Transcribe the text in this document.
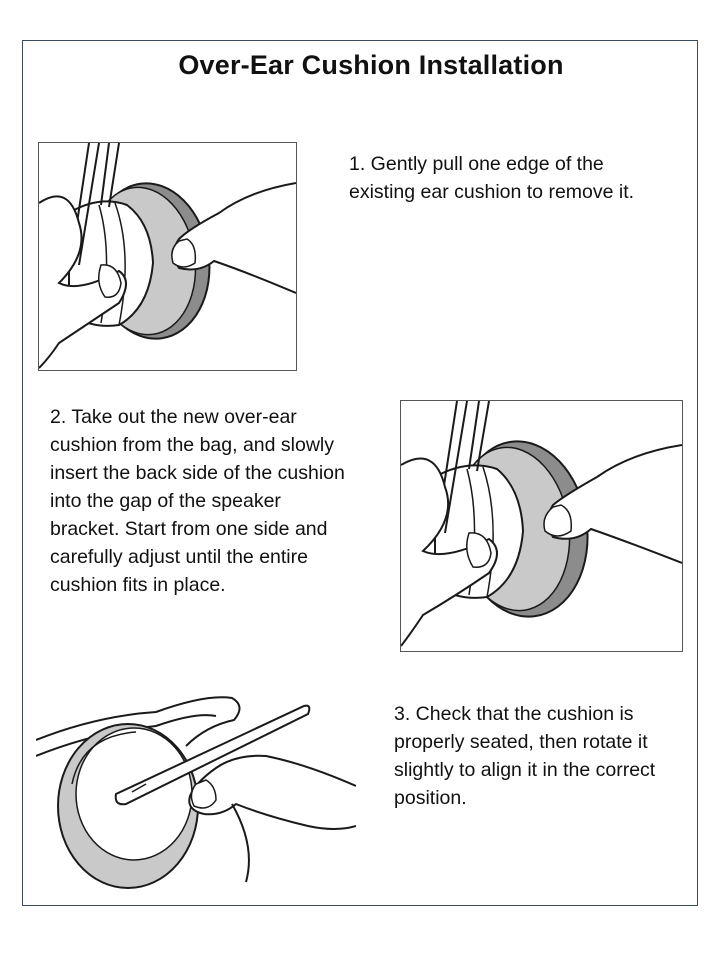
Over-Ear Cushion Installation
1. Gently pull one edge of the existing ear cushion to remove it.
2. Take out the new over-ear cushion from the bag, and slowly insert the back side of the cushion into the gap of the speaker bracket. Start from one side and carefully adjust until the entire cushion fits in place.
3. Check that the cushion is properly seated, then rotate it slightly to align it in the correct position.
